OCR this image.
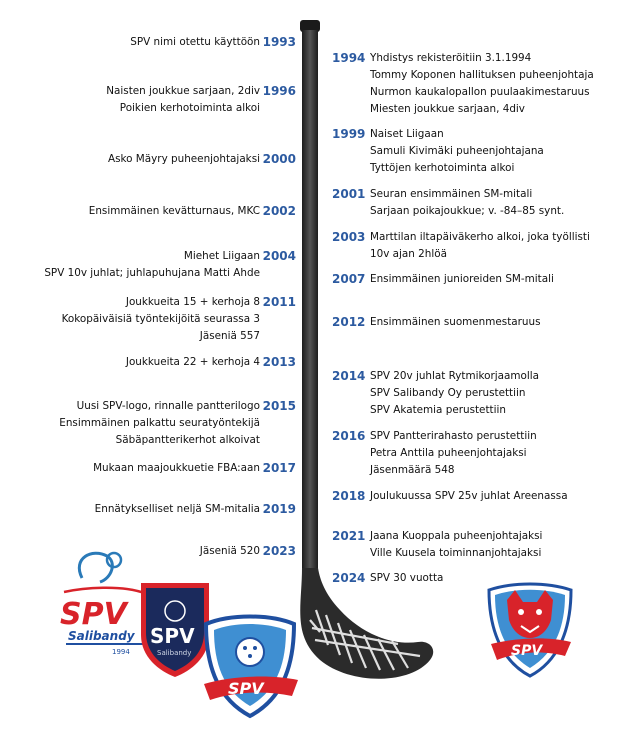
1993
SPV nimi otettu käyttöön
1996
Naisten joukkue sarjaan, 2div
Poikien kerhotoiminta alkoi
2000
Asko Mäyry puheenjohtajaksi
2002
Ensimmäinen kevätturnaus, MKC
2004
Miehet Liigaan
SPV 10v juhlat; juhlapuhujana Matti Ahde
2011
Joukkueita 15 + kerhoja 8
Kokopäiväisiä työntekijöitä seurassa 3
Jäseniä 557
2013
Joukkueita 22 + kerhoja 4
2015
Uusi SPV-logo, rinnalle pantterilogo
Ensimmäinen palkattu seuratyöntekijä
Säbäpantterikerhot alkoivat
2017
Mukaan maajoukkuetie FBA:aan
2019
Ennätykselliset neljä SM-mitalia
2023
Jäseniä 520
1994 Yhdistys rekisteröitiin 3.1.1994
Tommy Koponen hallituksen puheenjohtaja
Nurmon kaukalopallon puulaakimestaruus
Miesten joukkue sarjaan, 4div
1999 Naiset Liigaan
Samuli Kivimäki puheenjohtajana
Tyttöjen kerhotoiminta alkoi
2001 Seuran ensimmäinen SM-mitali
Sarjaan poikajoukkue; v. -84–85 synt.
2003 Marttilan iltapäiväkerho alkoi, joka työllisti
10v ajan 2hlöä
2007 Ensimmäinen junioreiden SM-mitali
2012 Ensimmäinen suomenmestaruus
2014 SPV 20v juhlat Rytmikorjaamolla
SPV Salibandy Oy perustettiin
SPV Akatemia perustettiin
2016 SPV Pantterirahasto perustettiin
Petra Anttila puheenjohtajaksi
Jäsenmäärä 548
2018 Joulukuussa SPV 25v juhlat Areenassa
2021 Jaana Kuoppala puheenjohtajaksi
Ville Kuusela toiminnanjohtajaksi
2024 SPV 30 vuotta
SPV
Salibandy
1994
SPV
Salibandy
SPV
SPV
